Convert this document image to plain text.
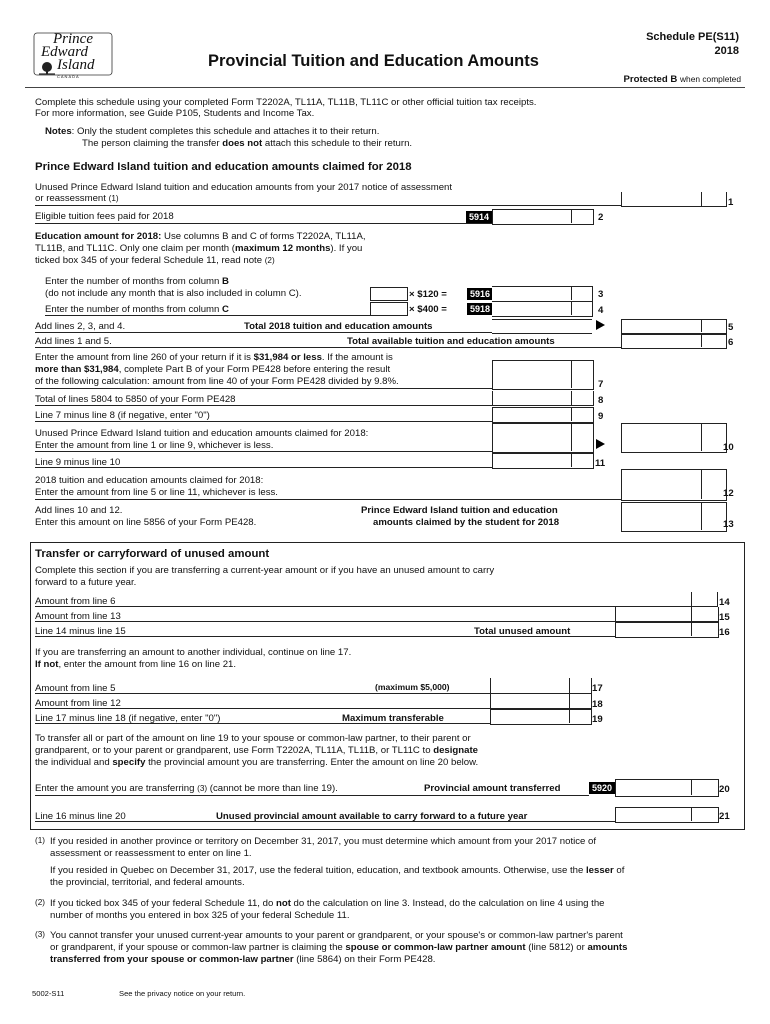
Prince
Edward
Island
CANADA
Provincial Tuition and Education Amounts
Schedule PE(S11)
2018
Protected B when completed
Complete this schedule using your completed Form T2202A, TL11A, TL11B, TL11C or other official tuition tax receipts.
For more information, see Guide P105, Students and Income Tax.
Notes: Only the student completes this schedule and attaches it to their return.
The person claiming the transfer does not attach this schedule to their return.
Prince Edward Island tuition and education amounts claimed for 2018
Unused Prince Edward Island tuition and education amounts from your 2017 notice of assessment
or reassessment (1)	1
Eligible tuition fees paid for 2018	5914	2
Education amount for 2018: Use columns B and C of forms T2202A, TL11A,
TL11B, and TL11C. Only one claim per month (maximum 12 months). If you
ticked box 345 of your federal Schedule 11, read note (2)
Enter the number of months from column B
(do not include any month that is also included in column C).	× $120 =	5916	3
Enter the number of months from column C	× $400 =	5918	4
Add lines 2, 3, and 4.	Total 2018 tuition and education amounts	5
Add lines 1 and 5.	Total available tuition and education amounts	6
Enter the amount from line 260 of your return if it is $31,984 or less. If the amount is
more than $31,984, complete Part B of your Form PE428 before entering the result
of the following calculation: amount from line 40 of your Form PE428 divided by 9.8%.	7
Total of lines 5804 to 5850 of your Form PE428	8
Line 7 minus line 8 (if negative, enter "0")	9
Unused Prince Edward Island tuition and education amounts claimed for 2018:
Enter the amount from line 1 or line 9, whichever is less.	10
Line 9 minus line 10	11
2018 tuition and education amounts claimed for 2018:
Enter the amount from line 5 or line 11, whichever is less.	12
Add lines 10 and 12.
Enter this amount on line 5856 of your Form PE428.
Prince Edward Island tuition and education
amounts claimed by the student for 2018	13
Transfer or carryforward of unused amount
Complete this section if you are transferring a current-year amount or if you have an unused amount to carry
forward to a future year.
Amount from line 6	14
Amount from line 13	15
Line 14 minus line 15	Total unused amount	16
If you are transferring an amount to another individual, continue on line 17.
If not, enter the amount from line 16 on line 21.
Amount from line 5	(maximum $5,000)	17
Amount from line 12	18
Line 17 minus line 18 (if negative, enter "0")	Maximum transferable	19
To transfer all or part of the amount on line 19 to your spouse or common-law partner, to their parent or
grandparent, or to your parent or grandparent, use Form T2202A, TL11A, TL11B, or TL11C to designate
the individual and specify the provincial amount you are transferring. Enter the amount on line 20 below.
Enter the amount you are transferring (3) (cannot be more than line 19).	Provincial amount transferred	5920	20
Line 16 minus line 20	Unused provincial amount available to carry forward to a future year	21
(1) If you resided in another province or territory on December 31, 2017, you must determine which amount from your 2017 notice of
assessment or reassessment to enter on line 1.
If you resided in Quebec on December 31, 2017, use the federal tuition, education, and textbook amounts. Otherwise, use the lesser of
the provincial, territorial, and federal amounts.
(2) If you ticked box 345 of your federal Schedule 11, do not do the calculation on line 3. Instead, do the calculation on line 4 using the
number of months you entered in box 325 of your federal Schedule 11.
(3) You cannot transfer your unused current-year amounts to your parent or grandparent, or your spouse's or common-law partner's parent
or grandparent, if your spouse or common-law partner is claiming the spouse or common-law partner amount (line 5812) or amounts
transferred from your spouse or common-law partner (line 5864) on their Form PE428.
5002-S11	See the privacy notice on your return.
